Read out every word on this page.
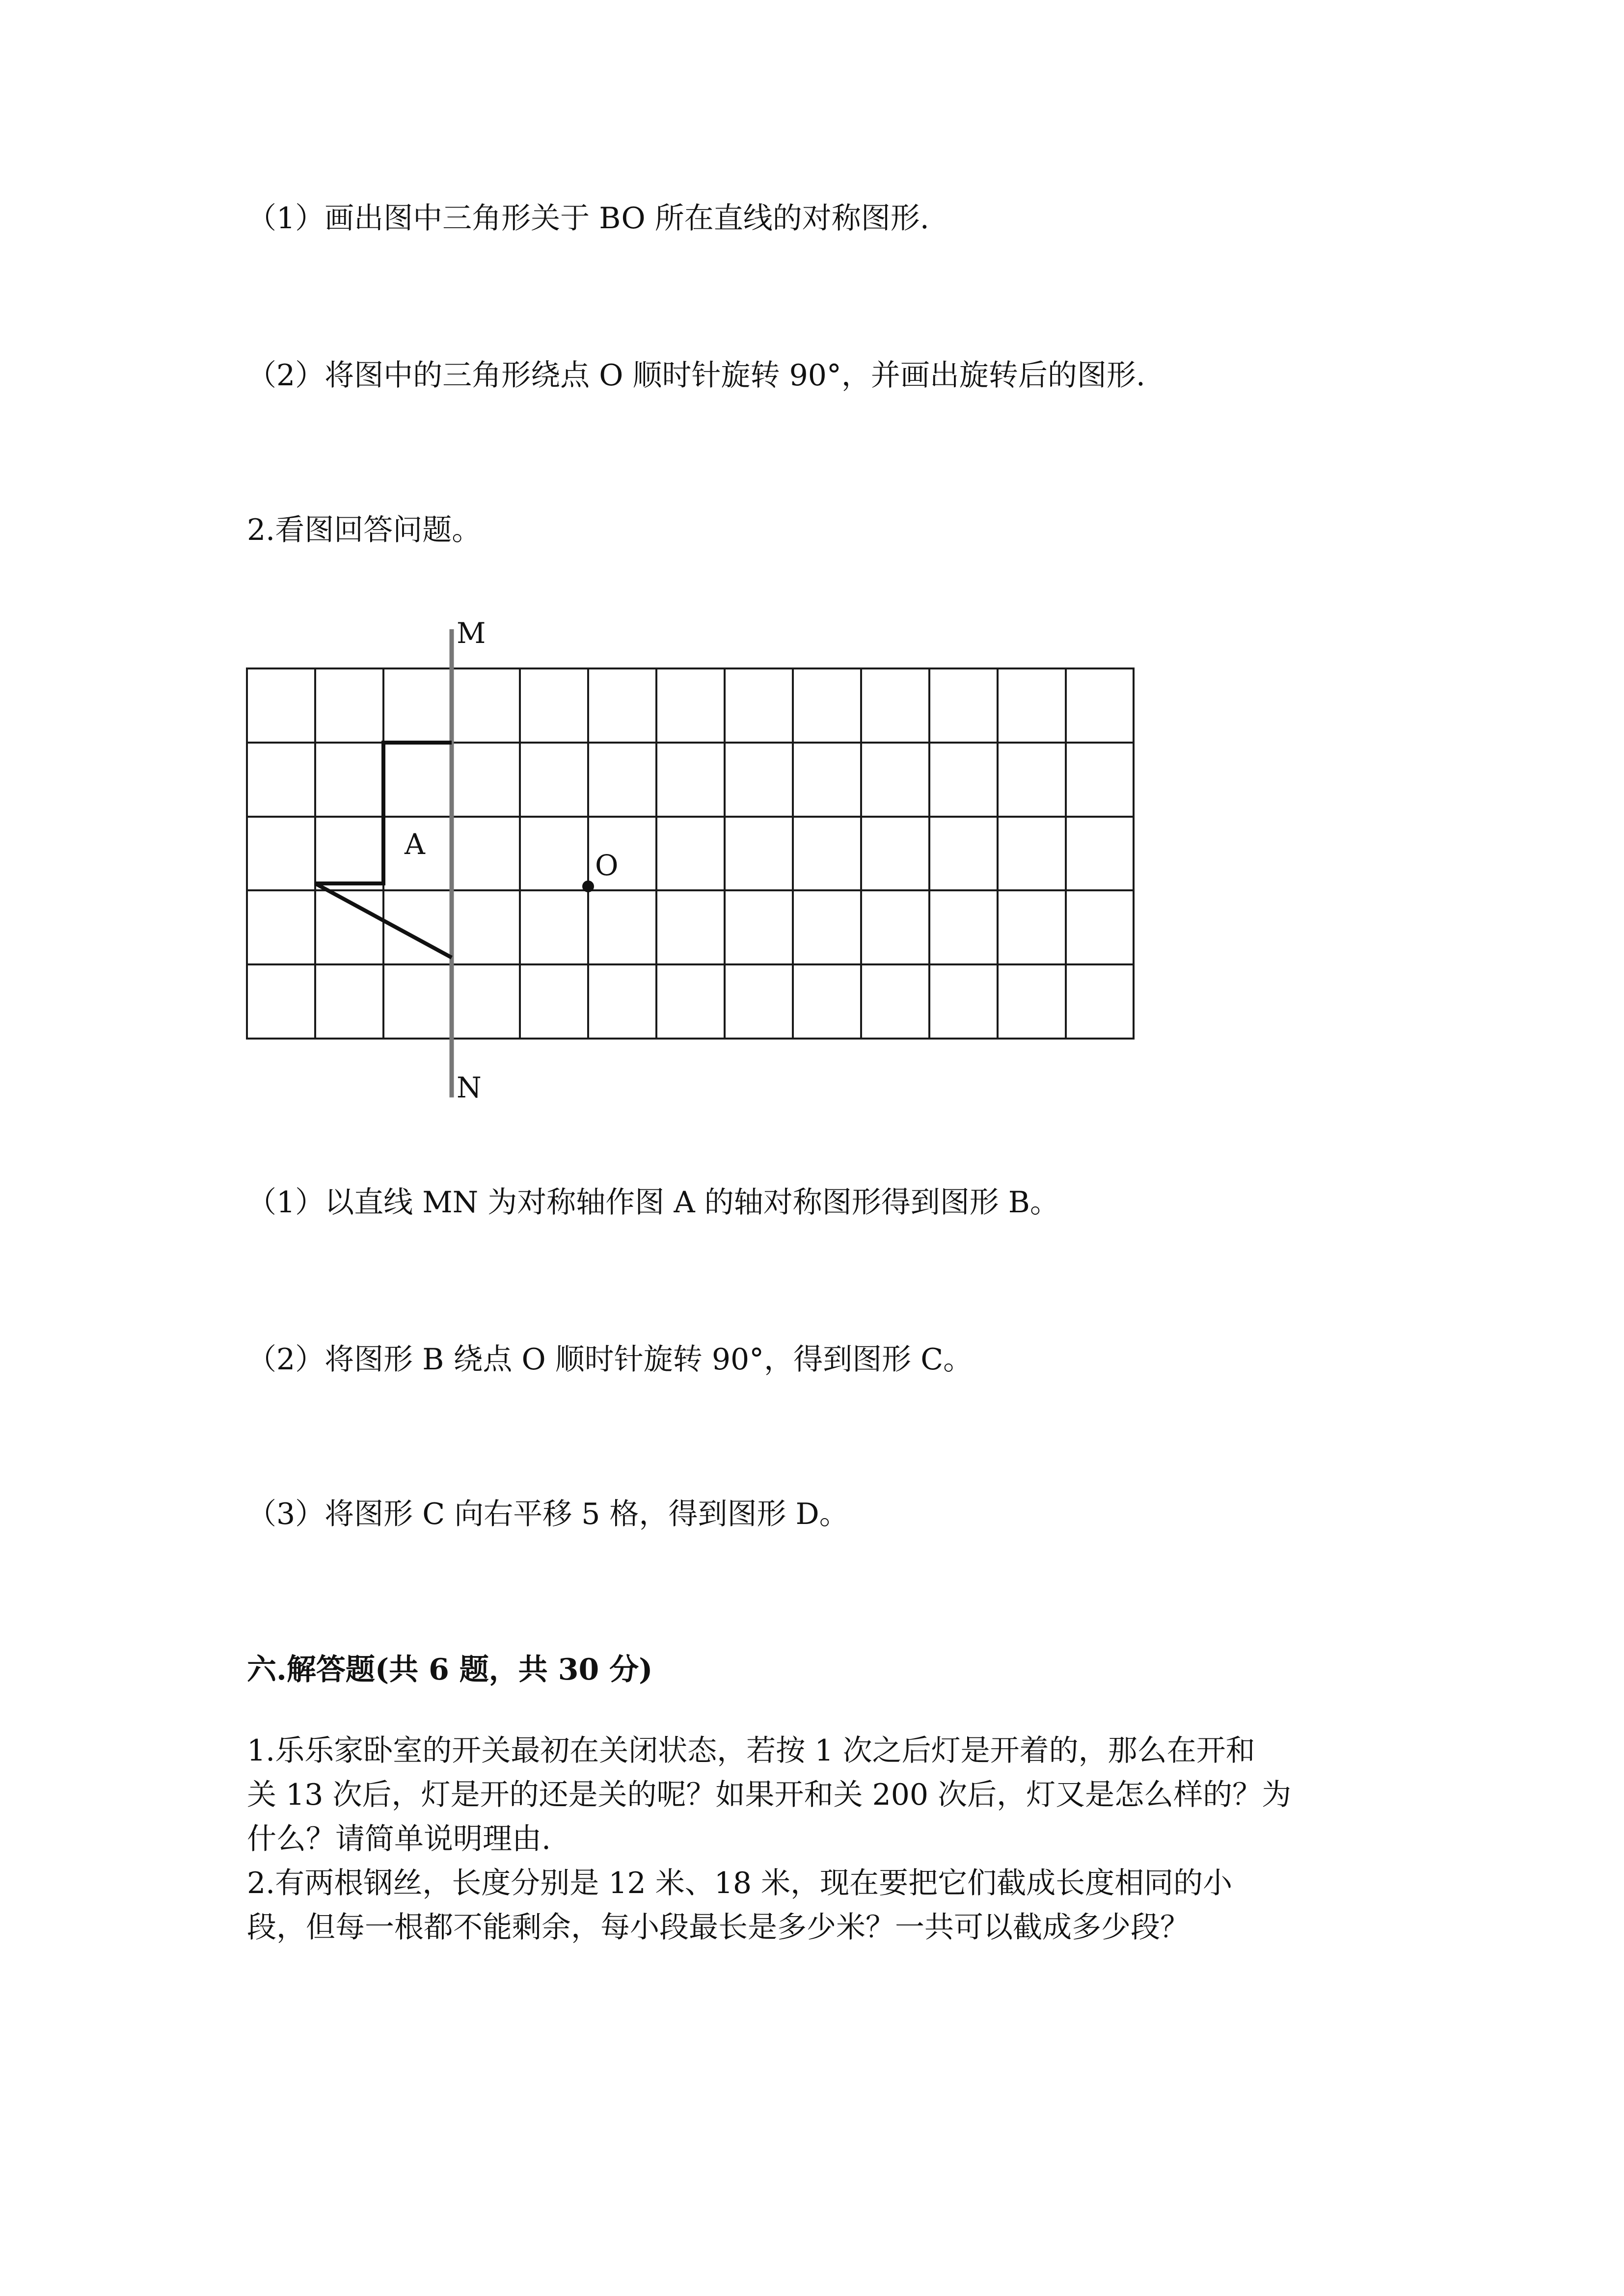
（1）画出图中三角形关于 BO 所在直线的对称图形.
（2）将图中的三角形绕点 O 顺时针旋转 90°，并画出旋转后的图形.
2.看图回答问题。
M
N
A
O
（1）以直线 MN 为对称轴作图 A 的轴对称图形得到图形 B。
（2）将图形 B 绕点 O 顺时针旋转 90°，得到图形 C。
（3）将图形 C 向右平移 5 格，得到图形 D。
六.解答题(共 6 题，共 30 分)
1.乐乐家卧室的开关最初在关闭状态，若按 1 次之后灯是开着的，那么在开和
关 13 次后，灯是开的还是关的呢？如果开和关 200 次后，灯又是怎么样的？为
什么？请简单说明理由.
2.有两根钢丝，长度分别是 12 米、18 米，现在要把它们截成长度相同的小
段，但每一根都不能剩余，每小段最长是多少米？一共可以截成多少段？
